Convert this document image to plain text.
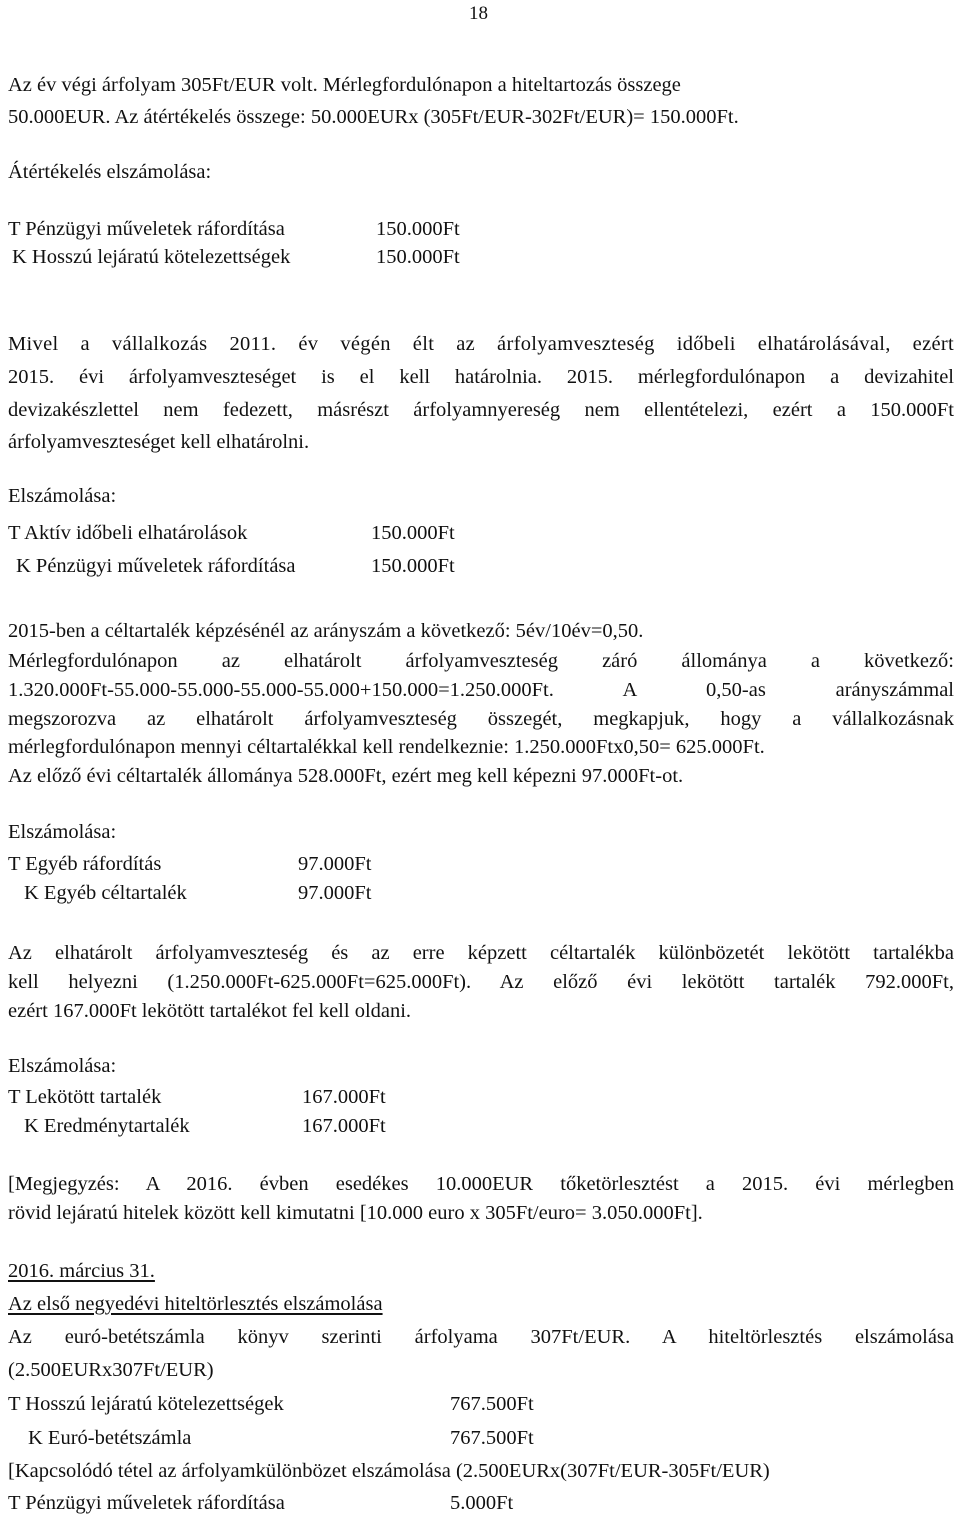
18
Az év végi árfolyam 305Ft/EUR volt. Mérlegfordulónapon a hiteltartozás összege
50.000EUR. Az átértékelés összege: 50.000EURx (305Ft/EUR-302Ft/EUR)= 150.000Ft.
Átértékelés elszámolása:
T Pénzügyi műveletek ráfordítása	150.000Ft
K Hosszú lejáratú kötelezettségek	150.000Ft
Mivel a vállalkozás 2011. év végén élt az árfolyamveszteség időbeli elhatárolásával, ezért
2015. évi árfolyamveszteséget is el kell határolnia. 2015. mérlegfordulónapon a devizahitel
devizakészlettel nem fedezett, másrészt árfolyamnyereség nem ellentételezi, ezért a 150.000Ft
árfolyamveszteséget kell elhatárolni.
Elszámolása:
T Aktív időbeli elhatárolások	150.000Ft
K Pénzügyi műveletek ráfordítása	150.000Ft
2015-ben a céltartalék képzésénél az arányszám a következő: 5év/10év=0,50.
Mérlegfordulónapon az elhatárolt árfolyamveszteség záró állománya a következő:
1.320.000Ft-55.000-55.000-55.000-55.000+150.000=1.250.000Ft. A 0,50-as arányszámmal
megszorozva az elhatárolt árfolyamveszteség összegét, megkapjuk, hogy a vállalkozásnak
mérlegfordulónapon mennyi céltartalékkal kell rendelkeznie: 1.250.000Ftx0,50= 625.000Ft.
Az előző évi céltartalék állománya 528.000Ft, ezért meg kell képezni 97.000Ft-ot.
Elszámolása:
T Egyéb ráfordítás	97.000Ft
K Egyéb céltartalék	97.000Ft
Az elhatárolt árfolyamveszteség és az erre képzett céltartalék különbözetét lekötött tartalékba
kell helyezni (1.250.000Ft-625.000Ft=625.000Ft). Az előző évi lekötött tartalék 792.000Ft,
ezért 167.000Ft lekötött tartalékot fel kell oldani.
Elszámolása:
T Lekötött tartalék	167.000Ft
K Eredménytartalék	167.000Ft
[Megjegyzés: A 2016. évben esedékes 10.000EUR tőketörlesztést a 2015. évi mérlegben
rövid lejáratú hitelek között kell kimutatni [10.000 euro x 305Ft/euro= 3.050.000Ft].
2016. március 31.
Az első negyedévi hiteltörlesztés elszámolása
Az euró-betétszámla könyv szerinti árfolyama 307Ft/EUR. A hiteltörlesztés elszámolása
(2.500EURx307Ft/EUR)
T Hosszú lejáratú kötelezettségek	767.500Ft
K Euró-betétszámla	767.500Ft
[Kapcsolódó tétel az árfolyamkülönbözet elszámolása (2.500EURx(307Ft/EUR-305Ft/EUR)
T Pénzügyi műveletek ráfordítása	5.000Ft
